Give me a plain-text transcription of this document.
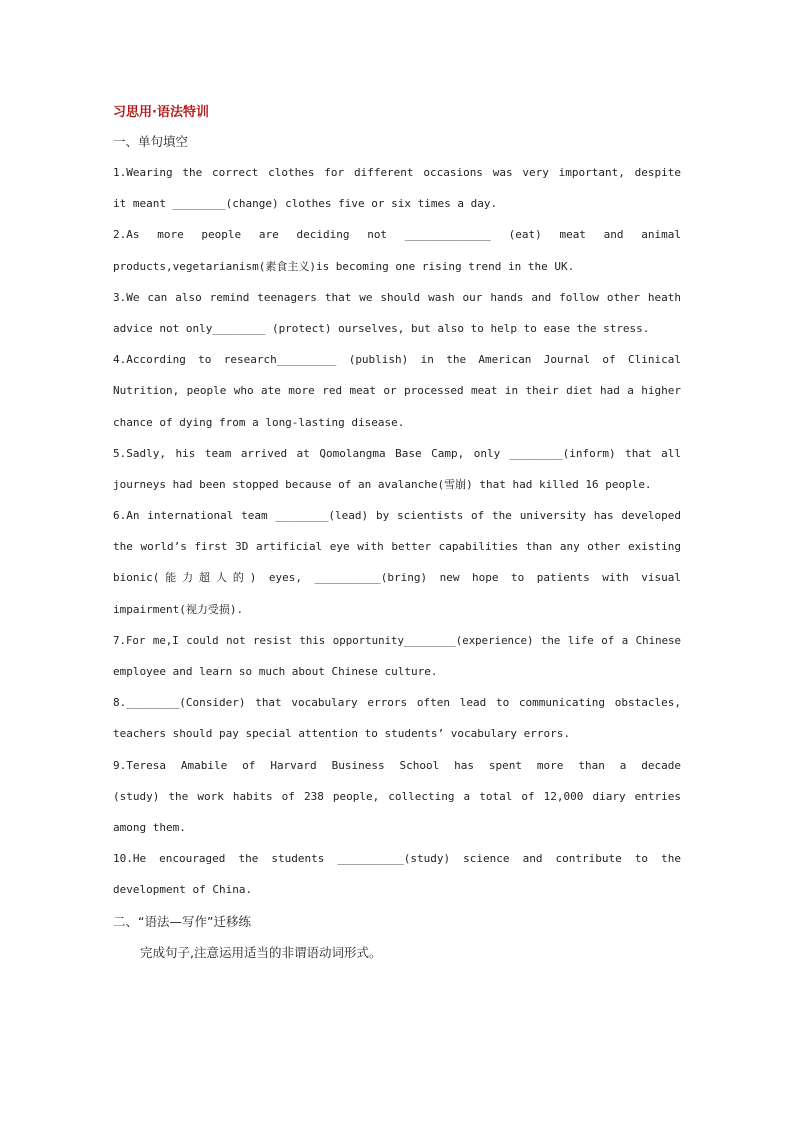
习思用·语法特训
一、单句填空
1.Wearing the correct clothes for different occasions was very important, despite
it meant ________(change) clothes five or six times a day.
2.As more people are deciding not _____________ (eat) meat and animal
products,vegetarianism(素食主义)is becoming one rising trend in the UK.
3.We can also remind teenagers that we should wash our hands and follow other heath
advice not only________ (protect) ourselves, but also to help to ease the stress.
4.According to research_________ (publish) in the American Journal of Clinical
Nutrition, people who ate more red meat or processed meat in their diet had a higher
chance of dying from a long-lasting disease.
5.Sadly, his team arrived at Qomolangma Base Camp, only ________(inform) that all
journeys had been stopped because of an avalanche(雪崩) that had killed 16 people.
6.An international team ________(lead) by scientists of the university has developed
the world’s first 3D artificial eye with better capabilities than any other existing
bionic(能力超人的) eyes, __________(bring) new hope to patients with visual
impairment(视力受损).
7.For me,I could not resist this opportunity________(experience) the life of a Chinese
employee and learn so much about Chinese culture.
8.________(Consider) that vocabulary errors often lead to communicating obstacles,
teachers should pay special attention to students’ vocabulary errors.
9.Teresa Amabile of Harvard Business School has spent more than a decade
(study) the work habits of 238 people, collecting a total of 12,000 diary entries
among them.
10.He encouraged the students __________(study) science and contribute to the
development of China.
二、“语法—写作”迁移练
完成句子,注意运用适当的非谓语动词形式。
